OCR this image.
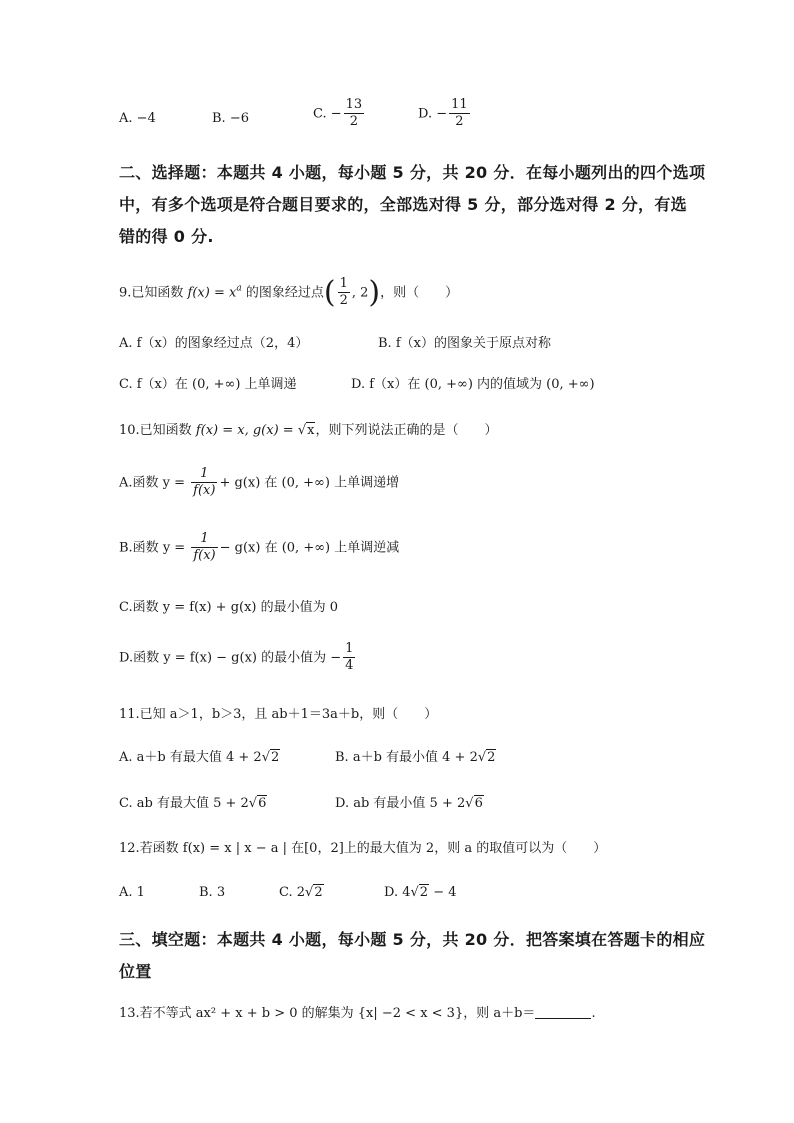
A. −4	B. −6	C. − $\frac{13}{2}$	D. − $\frac{11}{2}$
二、选择题：本题共 4 小题，每小题 5 分，共 20 分．在每小题列出的四个选项
中，有多个选项是符合题目要求的，全部选对得 5 分，部分选对得 2 分，有选
错的得 0 分.
9.已知函数 $f(x) = x^a$ 的图象经过点( $\frac{1}{2}$ , 2)，则（　　）
A. f（x）的图象经过点（2，4）	B. f（x）的图象关于原点对称
C. f（x）在 (0, +∞) 上单调递	D. f（x）在 (0, +∞) 内的值域为 (0, +∞)
10.已知函数 f(x) = x, g(x) = √x，则下列说法正确的是（　　）
A.函数 $y = \frac{1}{f(x)} + g(x)$ 在 (0, +∞) 上单调递增
B.函数 $y = \frac{1}{f(x)} - g(x)$ 在 (0, +∞) 上单调逆减
C.函数 y = f(x) + g(x) 的最小值为 0
D.函数 y = f(x) − g(x) 的最小值为 − $\frac{1}{4}$
11.已知 a＞1，b＞3，且 ab＋1＝3a＋b，则（　　）
A. a＋b 有最大值 4 + 2√2	B. a＋b 有最小值 4 + 2√2
C. ab 有最大值 5 + 2√6	D. ab 有最小值 5 + 2√6
12.若函数 f(x) = x | x − a | 在[0，2]上的最大值为 2，则 a 的取值可以为（　　）
A. 1	B. 3	C. 2√2	D. 4√2 − 4
三、填空题：本题共 4 小题，每小题 5 分，共 20 分．把答案填在答题卡的相应
位置
13.若不等式 ax² + x + b > 0 的解集为 {x| −2 < x < 3}，则 a＋b＝	.
